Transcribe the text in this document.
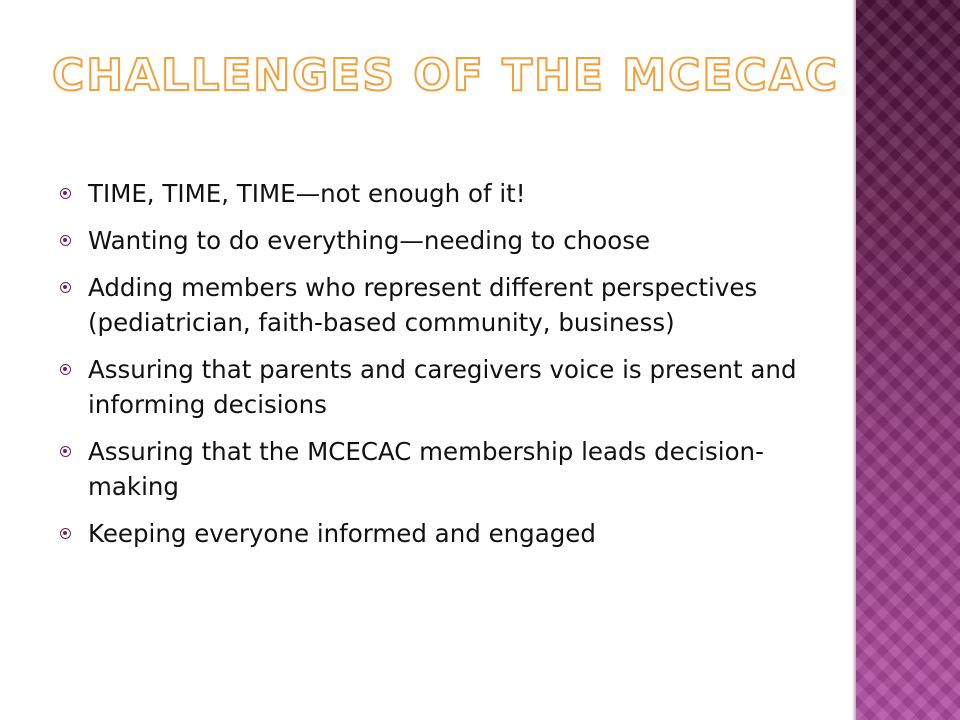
CHALLENGES OF THE MCECAC
TIME, TIME, TIME—not enough of it!
Wanting to do everything—needing to choose
Adding members who represent different perspectives (pediatrician, faith-based community, business)
Assuring that parents and caregivers voice is present and informing decisions
Assuring that the MCECAC membership leads decision-making
Keeping everyone informed and engaged
